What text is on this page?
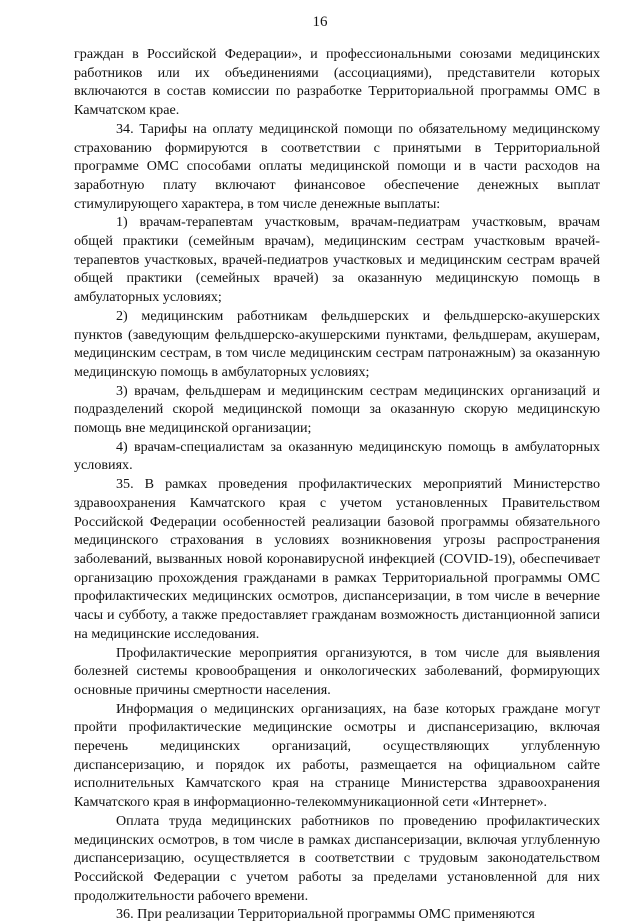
16

граждан в Российской Федерации», и профессиональными союзами медицинских работников или их объединениями (ассоциациями), представители которых включаются в состав комиссии по разработке Территориальной программы ОМС в Камчатском крае.

34. Тарифы на оплату медицинской помощи по обязательному медицинскому страхованию формируются в соответствии с принятыми в Территориальной программе ОМС способами оплаты медицинской помощи и в части расходов на заработную плату включают финансовое обеспечение денежных выплат стимулирующего характера, в том числе денежные выплаты:

1) врачам-терапевтам участковым, врачам-педиатрам участковым, врачам общей практики (семейным врачам), медицинским сестрам участковым врачей-терапевтов участковых, врачей-педиатров участковых и медицинским сестрам врачей общей практики (семейных врачей) за оказанную медицинскую помощь в амбулаторных условиях;

2) медицинским работникам фельдшерских и фельдшерско-акушерских пунктов (заведующим фельдшерско-акушерскими пунктами, фельдшерам, акушерам, медицинским сестрам, в том числе медицинским сестрам патронажным) за оказанную медицинскую помощь в амбулаторных условиях;

3) врачам, фельдшерам и медицинским сестрам медицинских организаций и подразделений скорой медицинской помощи за оказанную скорую медицинскую помощь вне медицинской организации;

4) врачам-специалистам за оказанную медицинскую помощь в амбулаторных условиях.

35. В рамках проведения профилактических мероприятий Министерство здравоохранения Камчатского края с учетом установленных Правительством Российской Федерации особенностей реализации базовой программы обязательного медицинского страхования в условиях возникновения угрозы распространения заболеваний, вызванных новой коронавирусной инфекцией (COVID-19), обеспечивает организацию прохождения гражданами в рамках Территориальной программы ОМС профилактических медицинских осмотров, диспансеризации, в том числе в вечерние часы и субботу, а также предоставляет гражданам возможность дистанционной записи на медицинские исследования.

Профилактические мероприятия организуются, в том числе для выявления болезней системы кровообращения и онкологических заболеваний, формирующих основные причины смертности населения.

Информация о медицинских организациях, на базе которых граждане могут пройти профилактические медицинские осмотры и диспансеризацию, включая перечень медицинских организаций, осуществляющих углубленную диспансеризацию, и порядок их работы, размещается на официальном сайте исполнительных Камчатского края на странице Министерства здравоохранения Камчатского края в информационно-телекоммуникационной сети «Интернет».

Оплата труда медицинских работников по проведению профилактических медицинских осмотров, в том числе в рамках диспансеризации, включая углубленную диспансеризацию, осуществляется в соответствии с трудовым законодательством Российской Федерации с учетом работы за пределами установленной для них продолжительности рабочего времени.

36. При реализации Территориальной программы ОМС применяются
